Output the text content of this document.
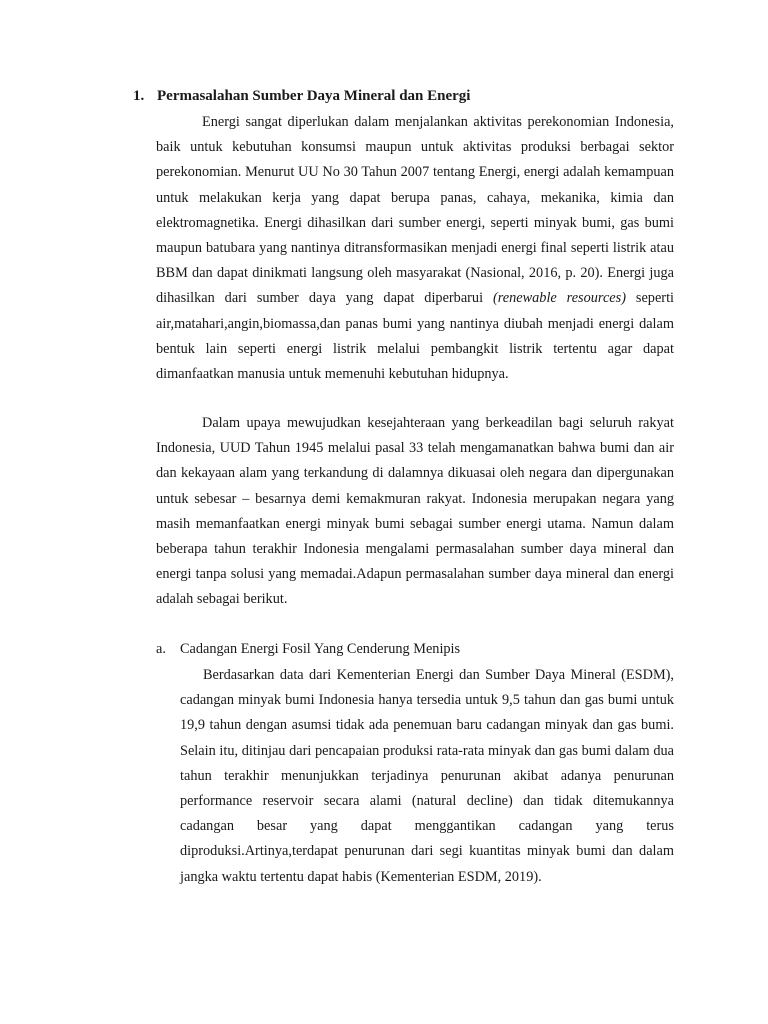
1. Permasalahan Sumber Daya Mineral dan Energi

Energi sangat diperlukan dalam menjalankan aktivitas perekonomian Indonesia, baik untuk kebutuhan konsumsi maupun untuk aktivitas produksi berbagai sektor perekonomian. Menurut UU No 30 Tahun 2007 tentang Energi, energi adalah kemampuan untuk melakukan kerja yang dapat berupa panas, cahaya, mekanika, kimia dan elektromagnetika. Energi dihasilkan dari sumber energi, seperti minyak bumi, gas bumi maupun batubara yang nantinya ditransformasikan menjadi energi final seperti listrik atau BBM dan dapat dinikmati langsung oleh masyarakat (Nasional, 2016, p. 20). Energi juga dihasilkan dari sumber daya yang dapat diperbarui (renewable resources) seperti air,matahari,angin,biomassa,dan panas bumi yang nantinya diubah menjadi energi dalam bentuk lain seperti energi listrik melalui pembangkit listrik tertentu agar dapat dimanfaatkan manusia untuk memenuhi kebutuhan hidupnya.

Dalam upaya mewujudkan kesejahteraan yang berkeadilan bagi seluruh rakyat Indonesia, UUD Tahun 1945 melalui pasal 33 telah mengamanatkan bahwa bumi dan air dan kekayaan alam yang terkandung di dalamnya dikuasai oleh negara dan dipergunakan untuk sebesar – besarnya demi kemakmuran rakyat. Indonesia merupakan negara yang masih memanfaatkan energi minyak bumi sebagai sumber energi utama. Namun dalam beberapa tahun terakhir Indonesia mengalami permasalahan sumber daya mineral dan energi tanpa solusi yang memadai.Adapun permasalahan sumber daya mineral dan energi adalah sebagai berikut.

a. Cadangan Energi Fosil Yang Cenderung Menipis

Berdasarkan data dari Kementerian Energi dan Sumber Daya Mineral (ESDM), cadangan minyak bumi Indonesia hanya tersedia untuk 9,5 tahun dan gas bumi untuk 19,9 tahun dengan asumsi tidak ada penemuan baru cadangan minyak dan gas bumi. Selain itu, ditinjau dari pencapaian produksi rata-rata minyak dan gas bumi dalam dua tahun terakhir menunjukkan terjadinya penurunan akibat adanya penurunan performance reservoir secara alami (natural decline) dan tidak ditemukannya cadangan besar yang dapat menggantikan cadangan yang terus diproduksi.Artinya,terdapat penurunan dari segi kuantitas minyak bumi dan dalam jangka waktu tertentu dapat habis (Kementerian ESDM, 2019).
